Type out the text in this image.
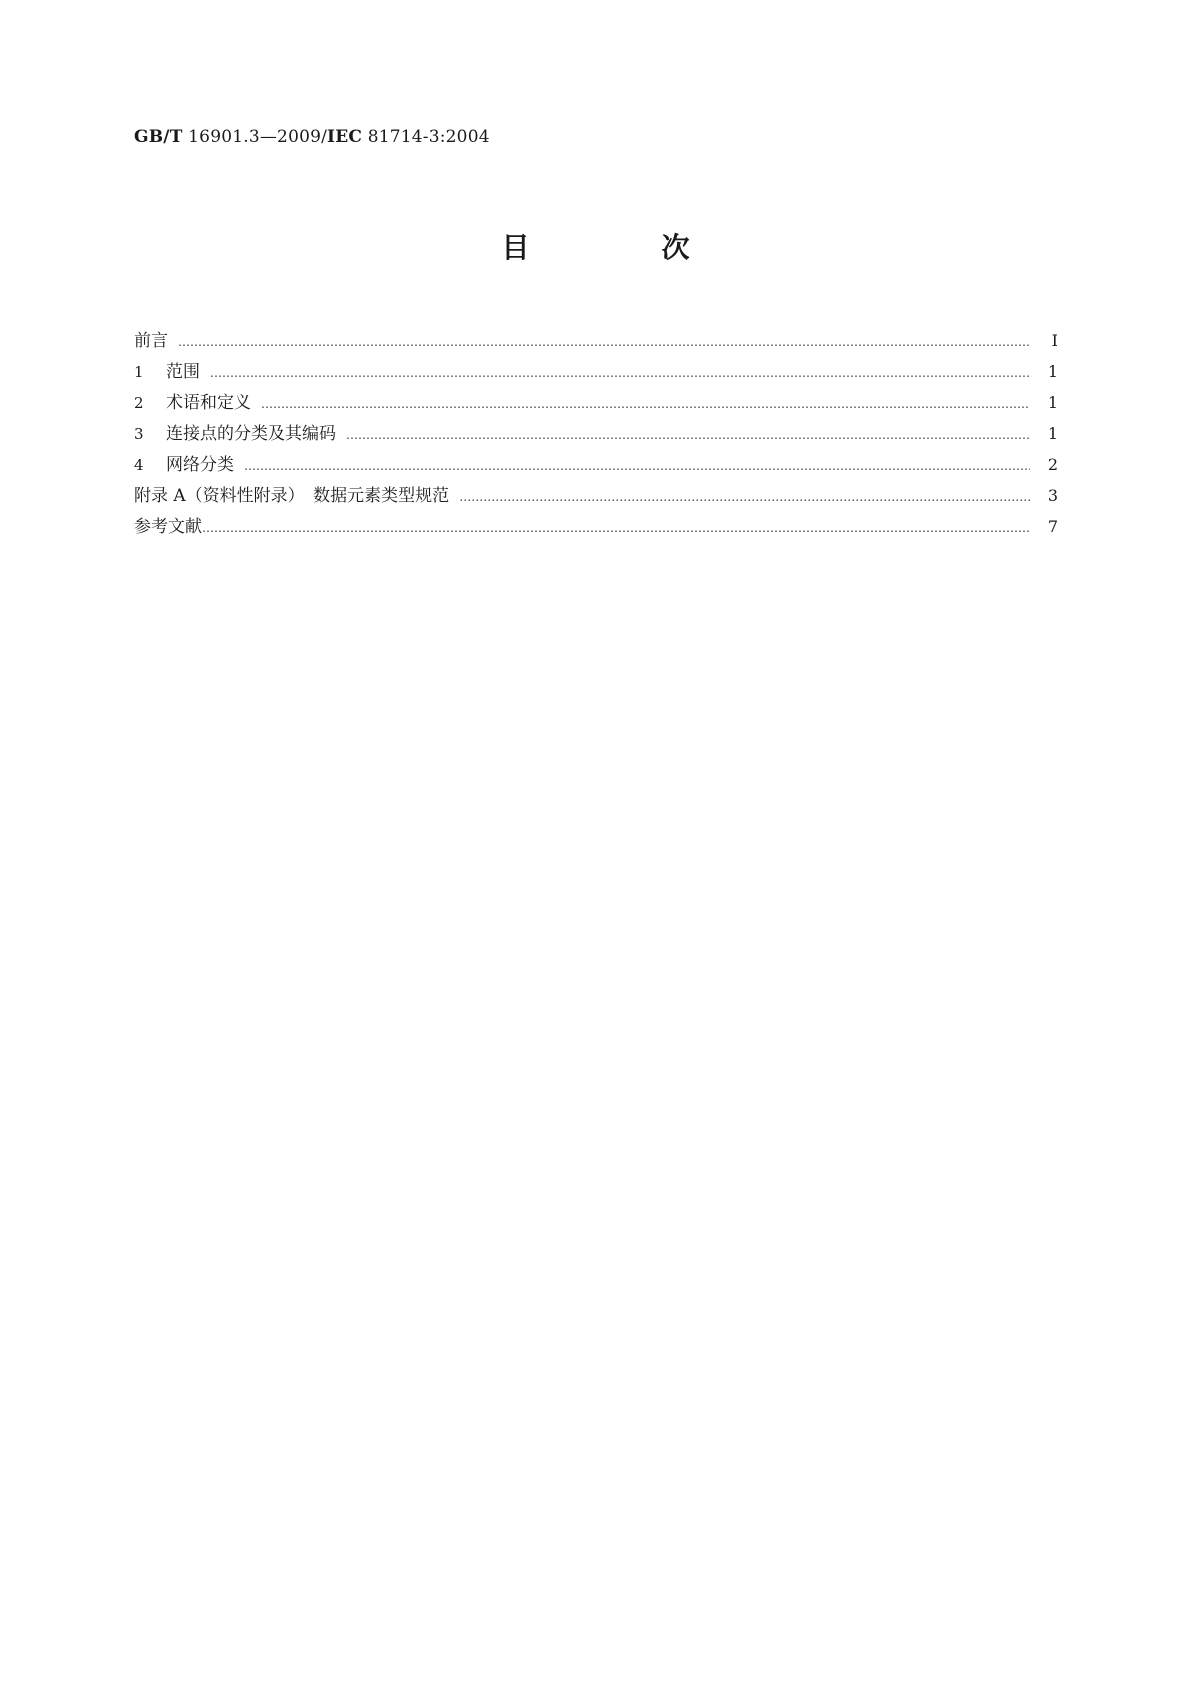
GB/T 16901.3—2009/IEC 81714-3:2004
目　次
前言 …………………………………………………………………………………………………………………………………………………………………………………………………………………………………………………………………………………	Ⅰ
1	范围 …………………………………………………………………………………………………………………………………………………………………………………………………………………………………………………………………………………	1
2	术语和定义 …………………………………………………………………………………………………………………………………………………………………………………………………………………………………………………………………………………	1
3	连接点的分类及其编码 …………………………………………………………………………………………………………………………………………………………………………………………………………………………………………………………………………………	1
4	网络分类 …………………………………………………………………………………………………………………………………………………………………………………………………………………………………………………………………………………	2
附录 A（资料性附录）　数据元素类型规范 …………………………………………………………………………………………………………………………………………………………………………………………………………………………………………………………………………………	3
参考文献 …………………………………………………………………………………………………………………………………………………………………………………………………………………………………………………………………………………	7
